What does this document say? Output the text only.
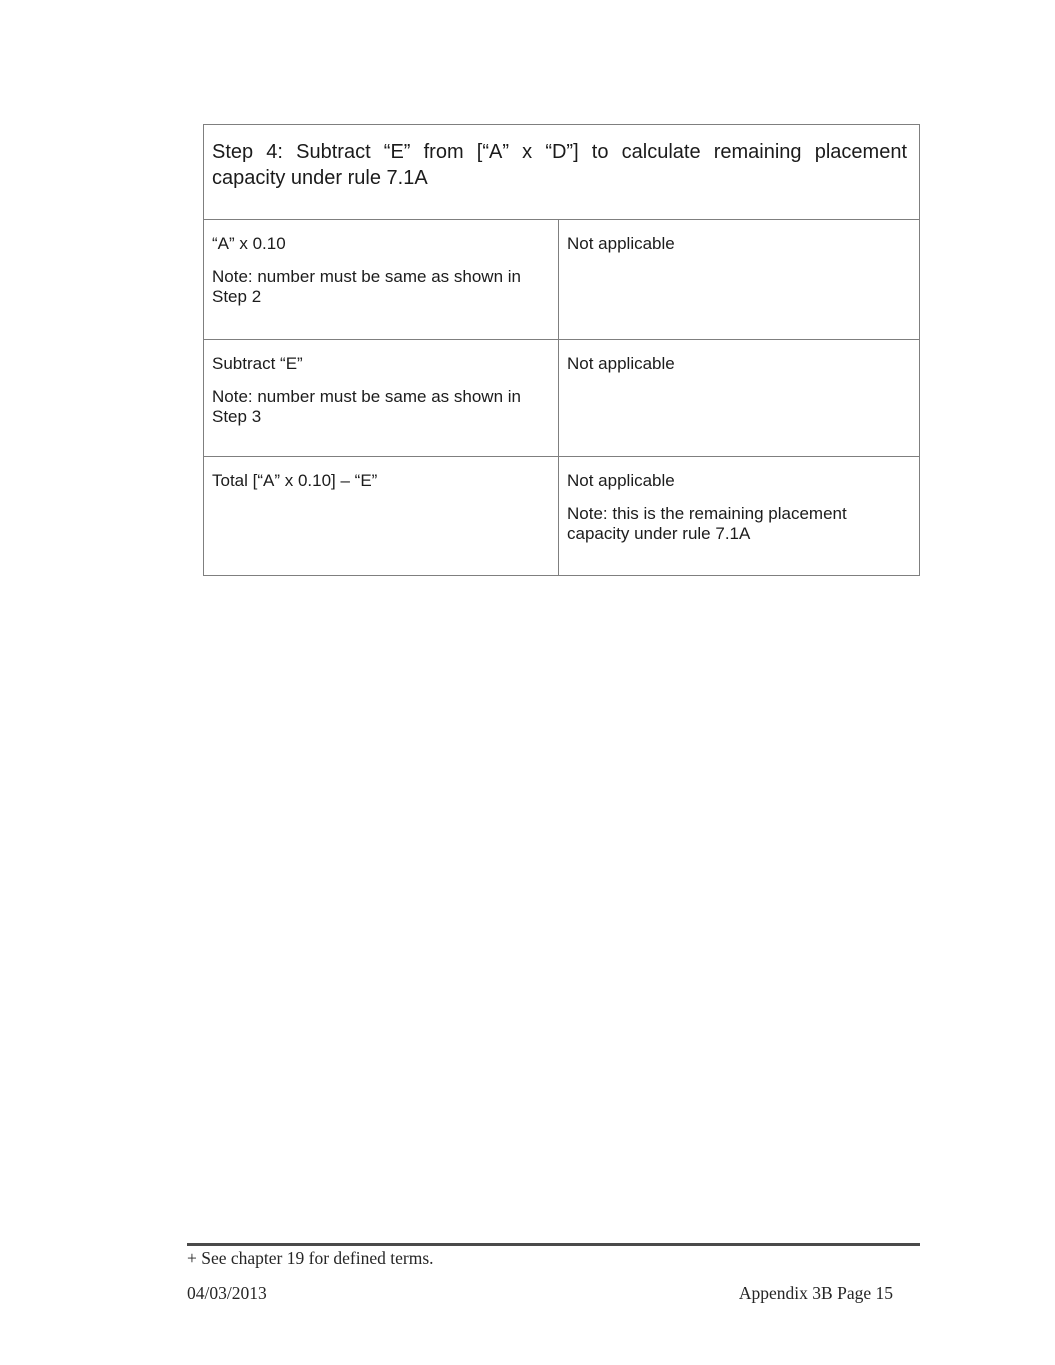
Step 4: Subtract “E” from [“A” x “D”] to calculate remaining placement
capacity under rule 7.1A	

“A” x 0.10

Note: number must be same as shown in Step 2	Not applicable

Subtract “E”

Note: number must be same as shown in Step 3	Not applicable

Total [“A” x 0.10] – “E”	Not applicable

Note: this is the remaining placement capacity under rule 7.1A

+ See chapter 19 for defined terms.
04/03/2013	Appendix 3B Page 15
